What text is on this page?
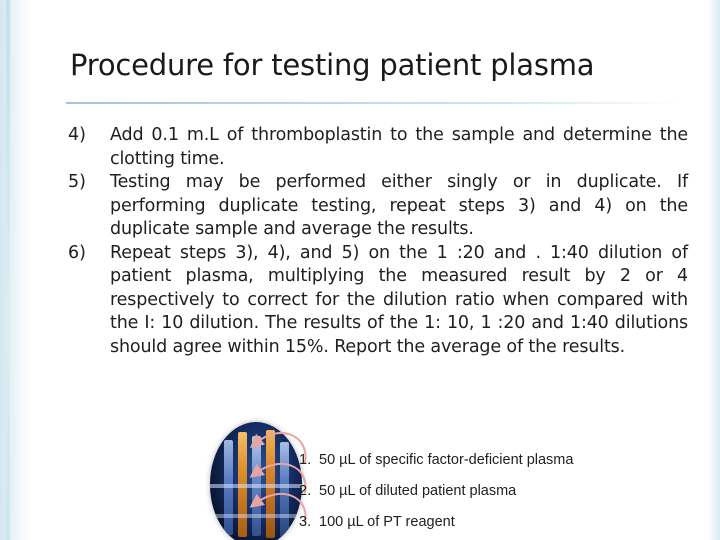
Procedure for testing patient plasma
4)	Add 0.1 m.L of thromboplastin to the sample and determine the clotting time.
5)	Testing may be performed either singly or in duplicate. If performing duplicate testing, repeat steps 3) and 4) on the duplicate sample and average the results.
6)	Repeat steps 3), 4), and 5) on the 1 :20 and . 1:40 dilution of patient plasma, multiplying the measured result by 2 or 4 respectively to correct for the dilution ratio when compared with the I: 10 dilution. The results of the 1: 10, 1 :20 and 1:40 dilutions should agree within 15%. Report the average of the results.
1. 50 µL of specific factor-deficient plasma
2. 50 µL of diluted patient plasma
3. 100 µL of PT reagent
